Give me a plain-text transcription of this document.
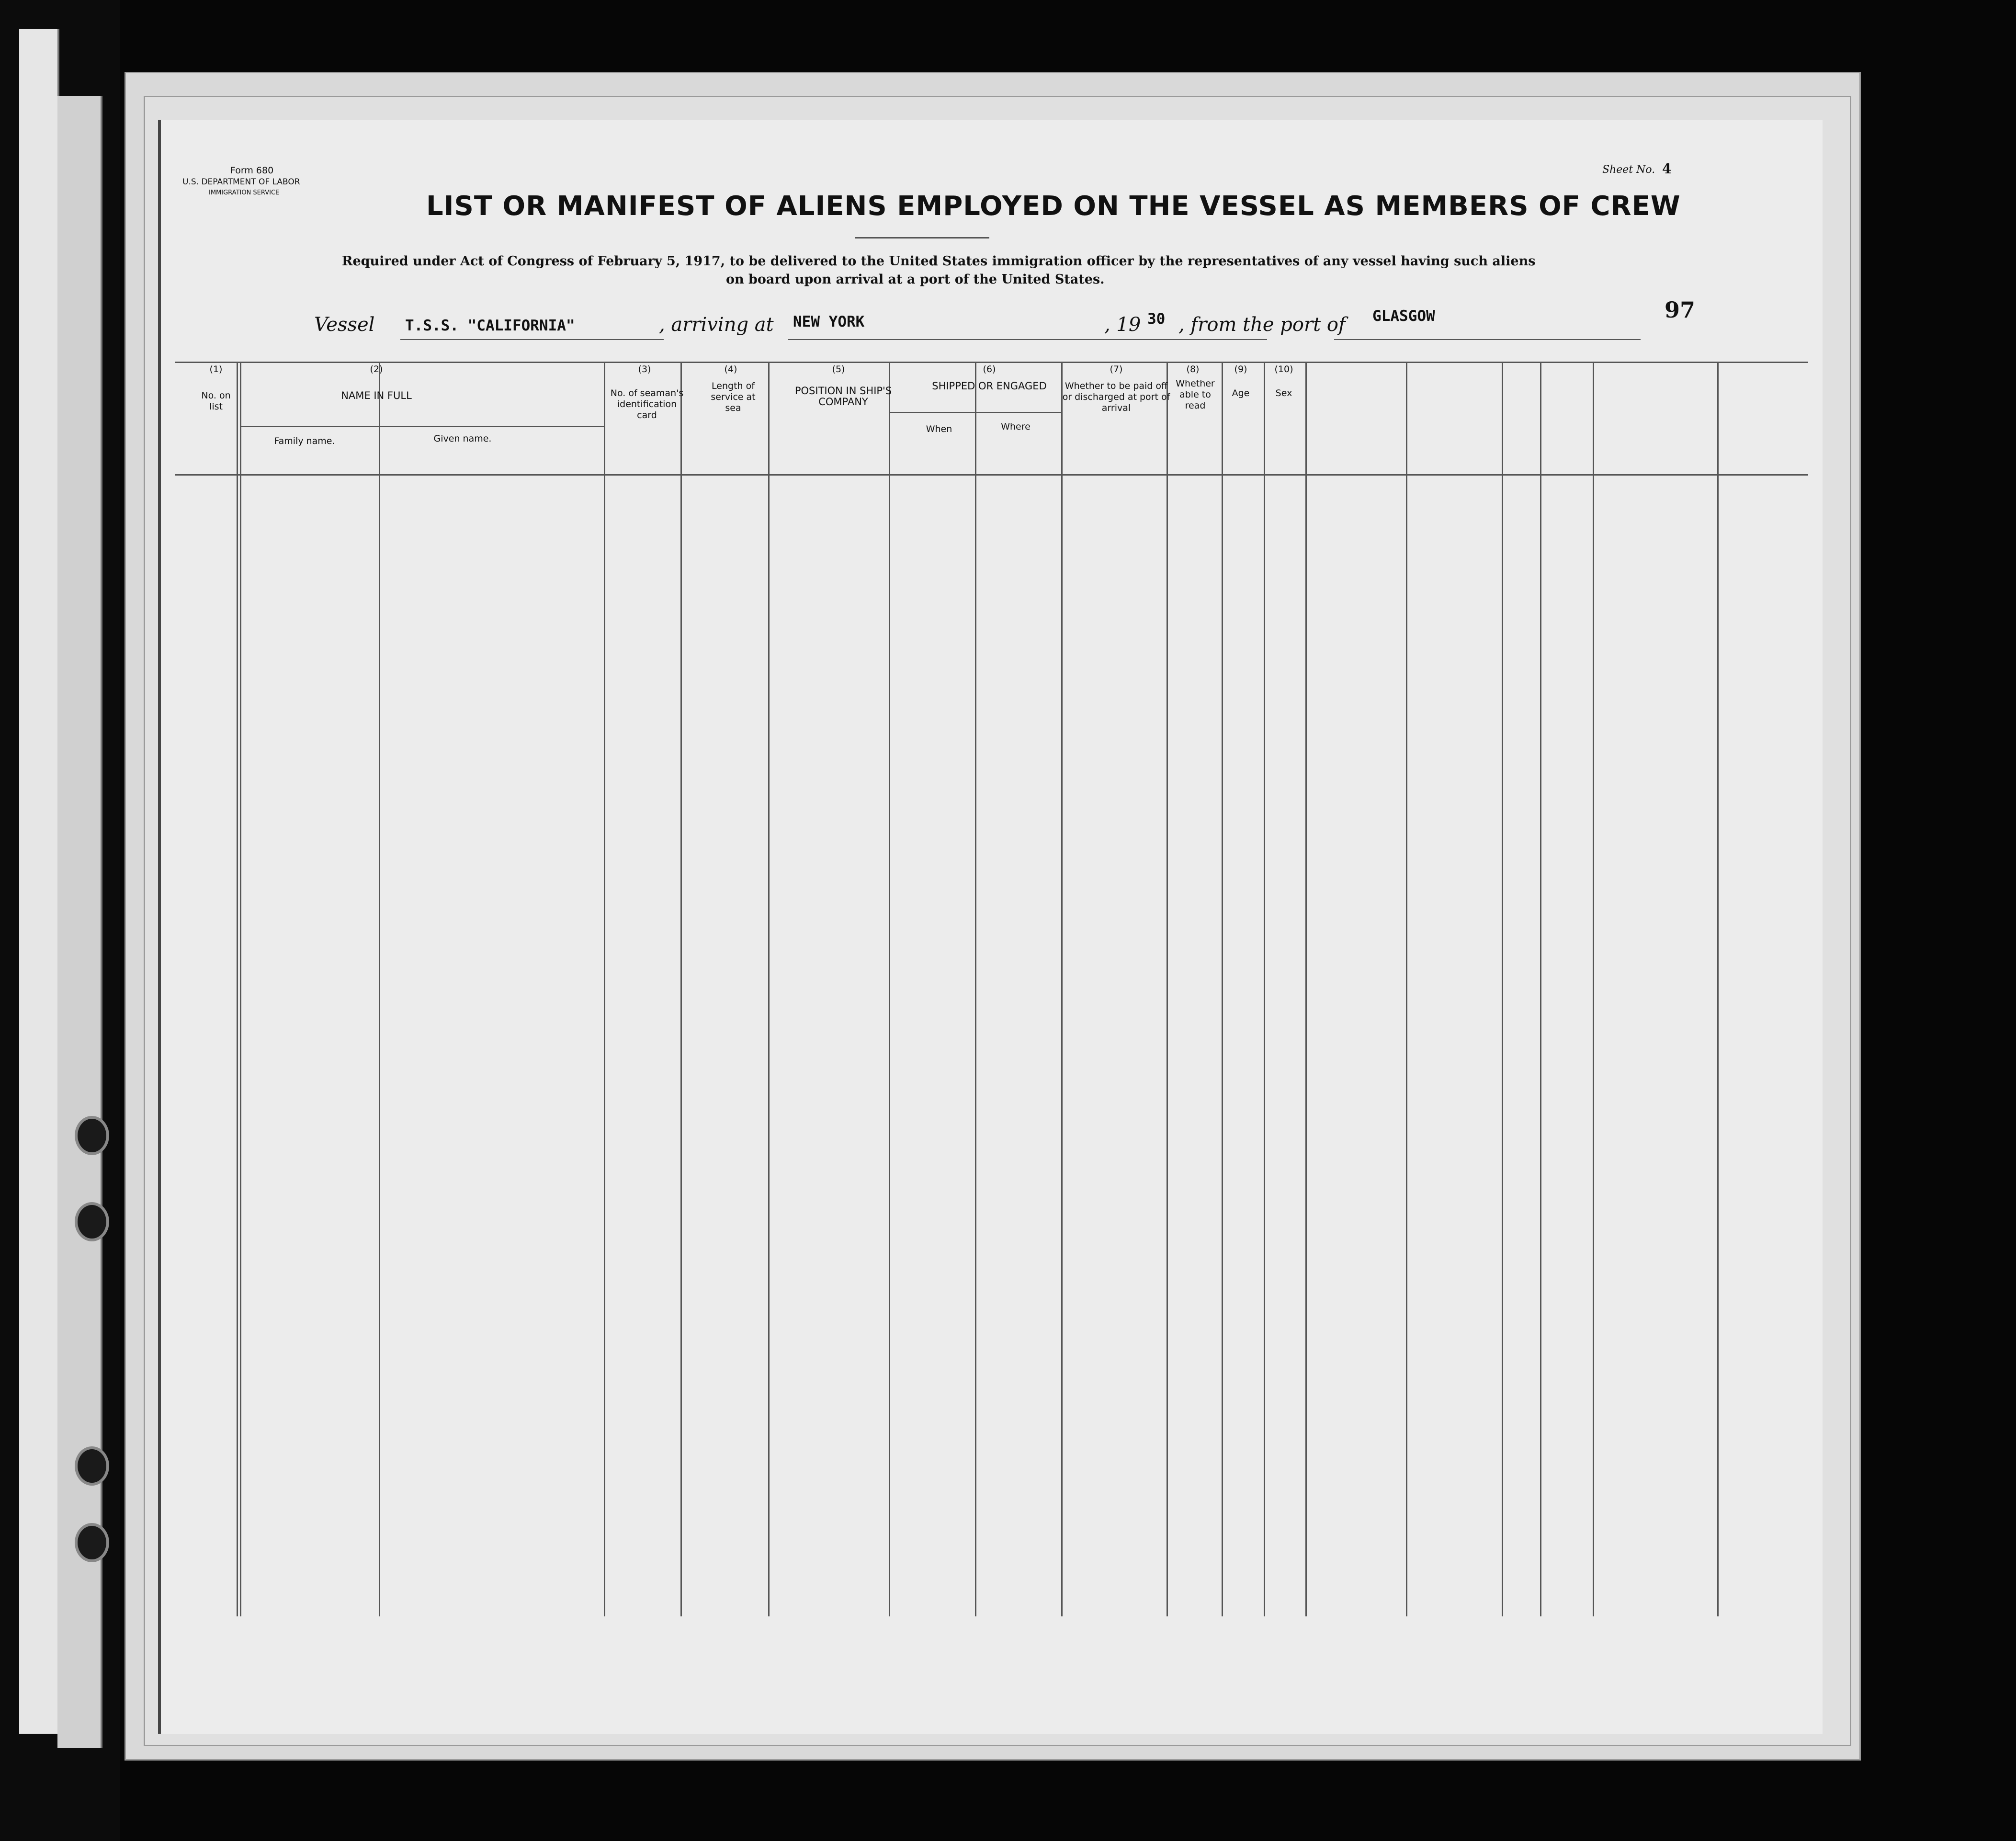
Form 680
U.S. DEPARTMENT OF LABOR
IMMIGRATION SERVICE
Sheet No. 4
LIST OR MANIFEST OF ALIENS EMPLOYED ON THE VESSEL AS MEMBERS OF CREW
Required under Act of Congress of February 5, 1917, to be delivered to the United States immigration officer by the representatives of any vessel having such aliens
on board upon arrival at a port of the United States.
Vessel T.S.S. "CALIFORNIA"	, arriving at NEW YORK	, 19 30 , from the port of GLASGOW	97
(1)
No. on list
(2)
NAME IN FULL
Family name.	Given name.
(3)
No. of seaman's identification card
(4)
Length of service at sea
(5)
POSITION IN SHIP'S COMPANY
(6)
SHIPPED OR ENGAGED
When	Where
(7)
Whether to be paid off or discharged at port of arrival
(8)
Whether able to read
(9)
Age
(10)
Sex
